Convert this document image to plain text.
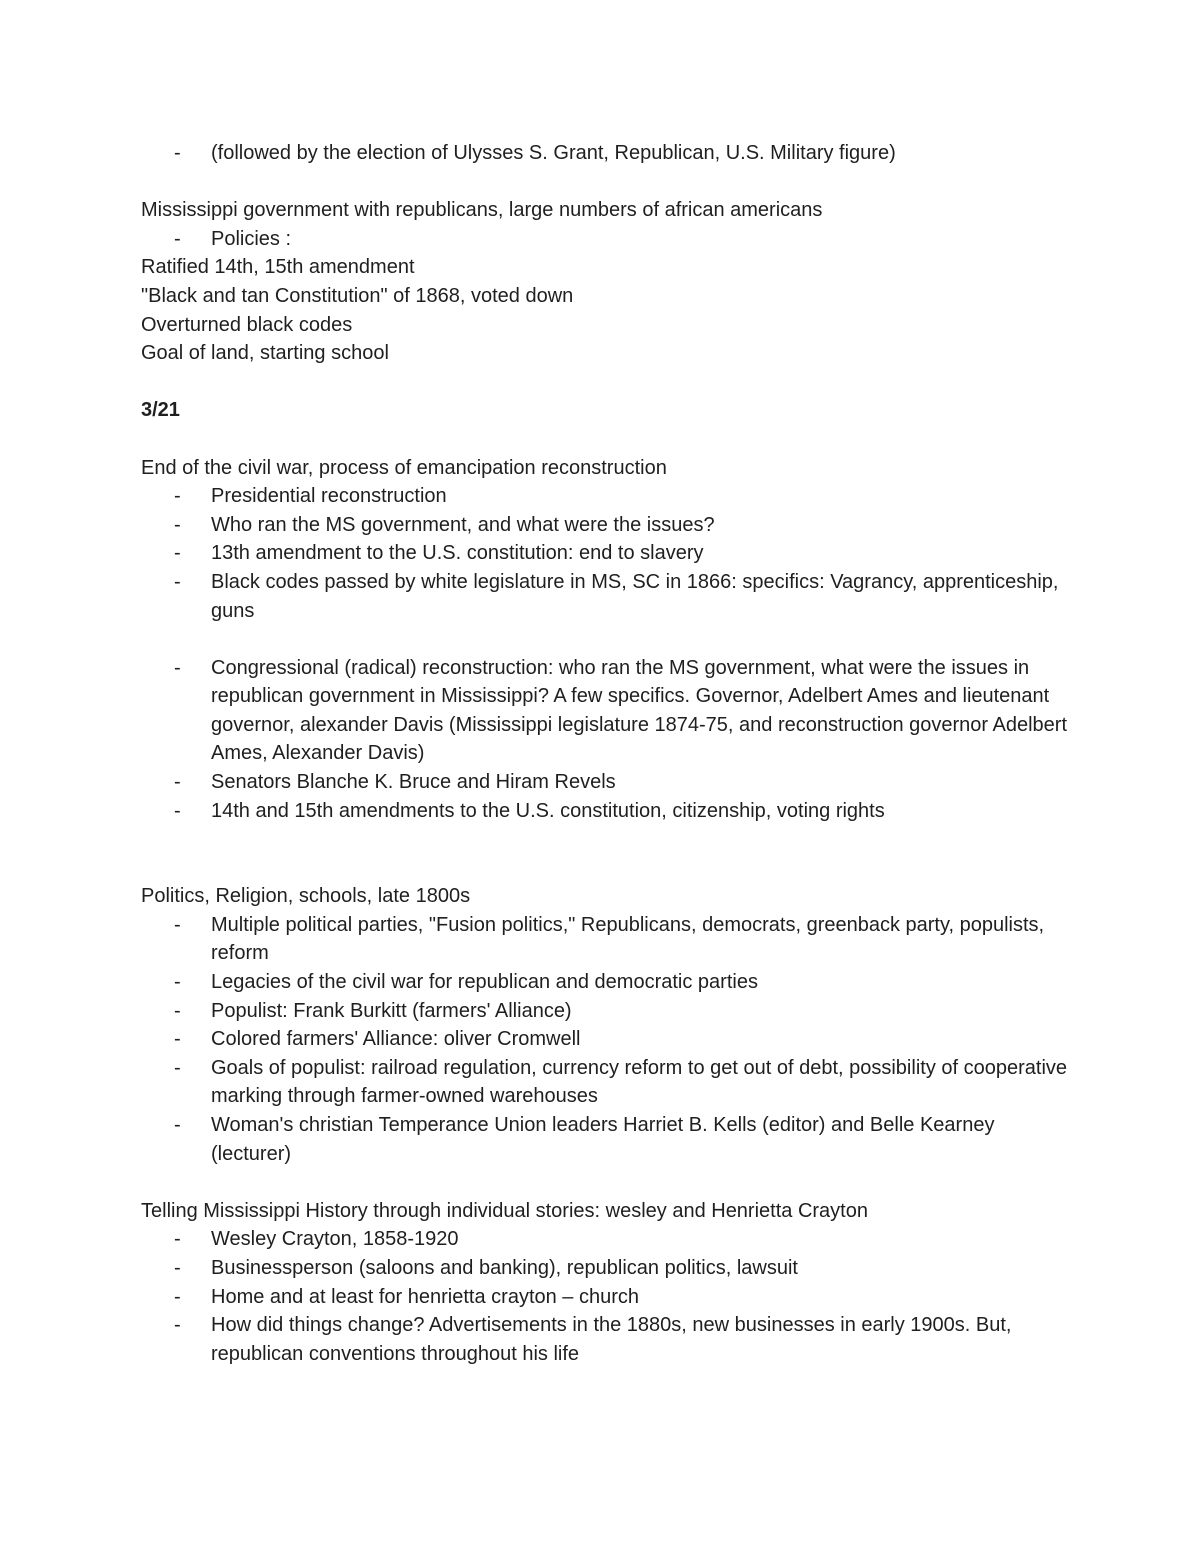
-	(followed by the election of Ulysses S. Grant, Republican, U.S. Military figure)
Mississippi government with republicans, large numbers of african americans
-	Policies :
Ratified 14th, 15th amendment
"Black and tan Constitution" of 1868, voted down
Overturned black codes
Goal of land, starting school
3/21
End of the civil war, process of emancipation reconstruction
-	Presidential reconstruction
-	Who ran the MS government, and what were the issues?
-	13th amendment to the U.S. constitution: end to slavery
-	Black codes passed by white legislature in MS, SC in 1866: specifics: Vagrancy, apprenticeship, guns
-	Congressional (radical) reconstruction: who ran the MS government, what were the issues in republican government in Mississippi? A few specifics. Governor, Adelbert Ames and lieutenant governor, alexander Davis (Mississippi legislature 1874-75, and reconstruction governor Adelbert Ames, Alexander Davis)
-	Senators Blanche K. Bruce and Hiram Revels
-	14th and 15th amendments to the U.S. constitution, citizenship, voting rights
Politics, Religion, schools, late 1800s
-	Multiple political parties, "Fusion politics," Republicans, democrats, greenback party, populists, reform
-	Legacies of the civil war for republican and democratic parties
-	Populist: Frank Burkitt (farmers' Alliance)
-	Colored farmers' Alliance: oliver Cromwell
-	Goals of populist: railroad regulation, currency reform to get out of debt, possibility of cooperative marking through farmer-owned warehouses
-	Woman's christian Temperance Union leaders Harriet B. Kells (editor) and Belle Kearney (lecturer)
Telling Mississippi History through individual stories: wesley and Henrietta Crayton
-	Wesley Crayton, 1858-1920
-	Businessperson (saloons and banking), republican politics, lawsuit
-	Home and at least for henrietta crayton – church
-	How did things change? Advertisements in the 1880s, new businesses in early 1900s. But, republican conventions throughout his life
